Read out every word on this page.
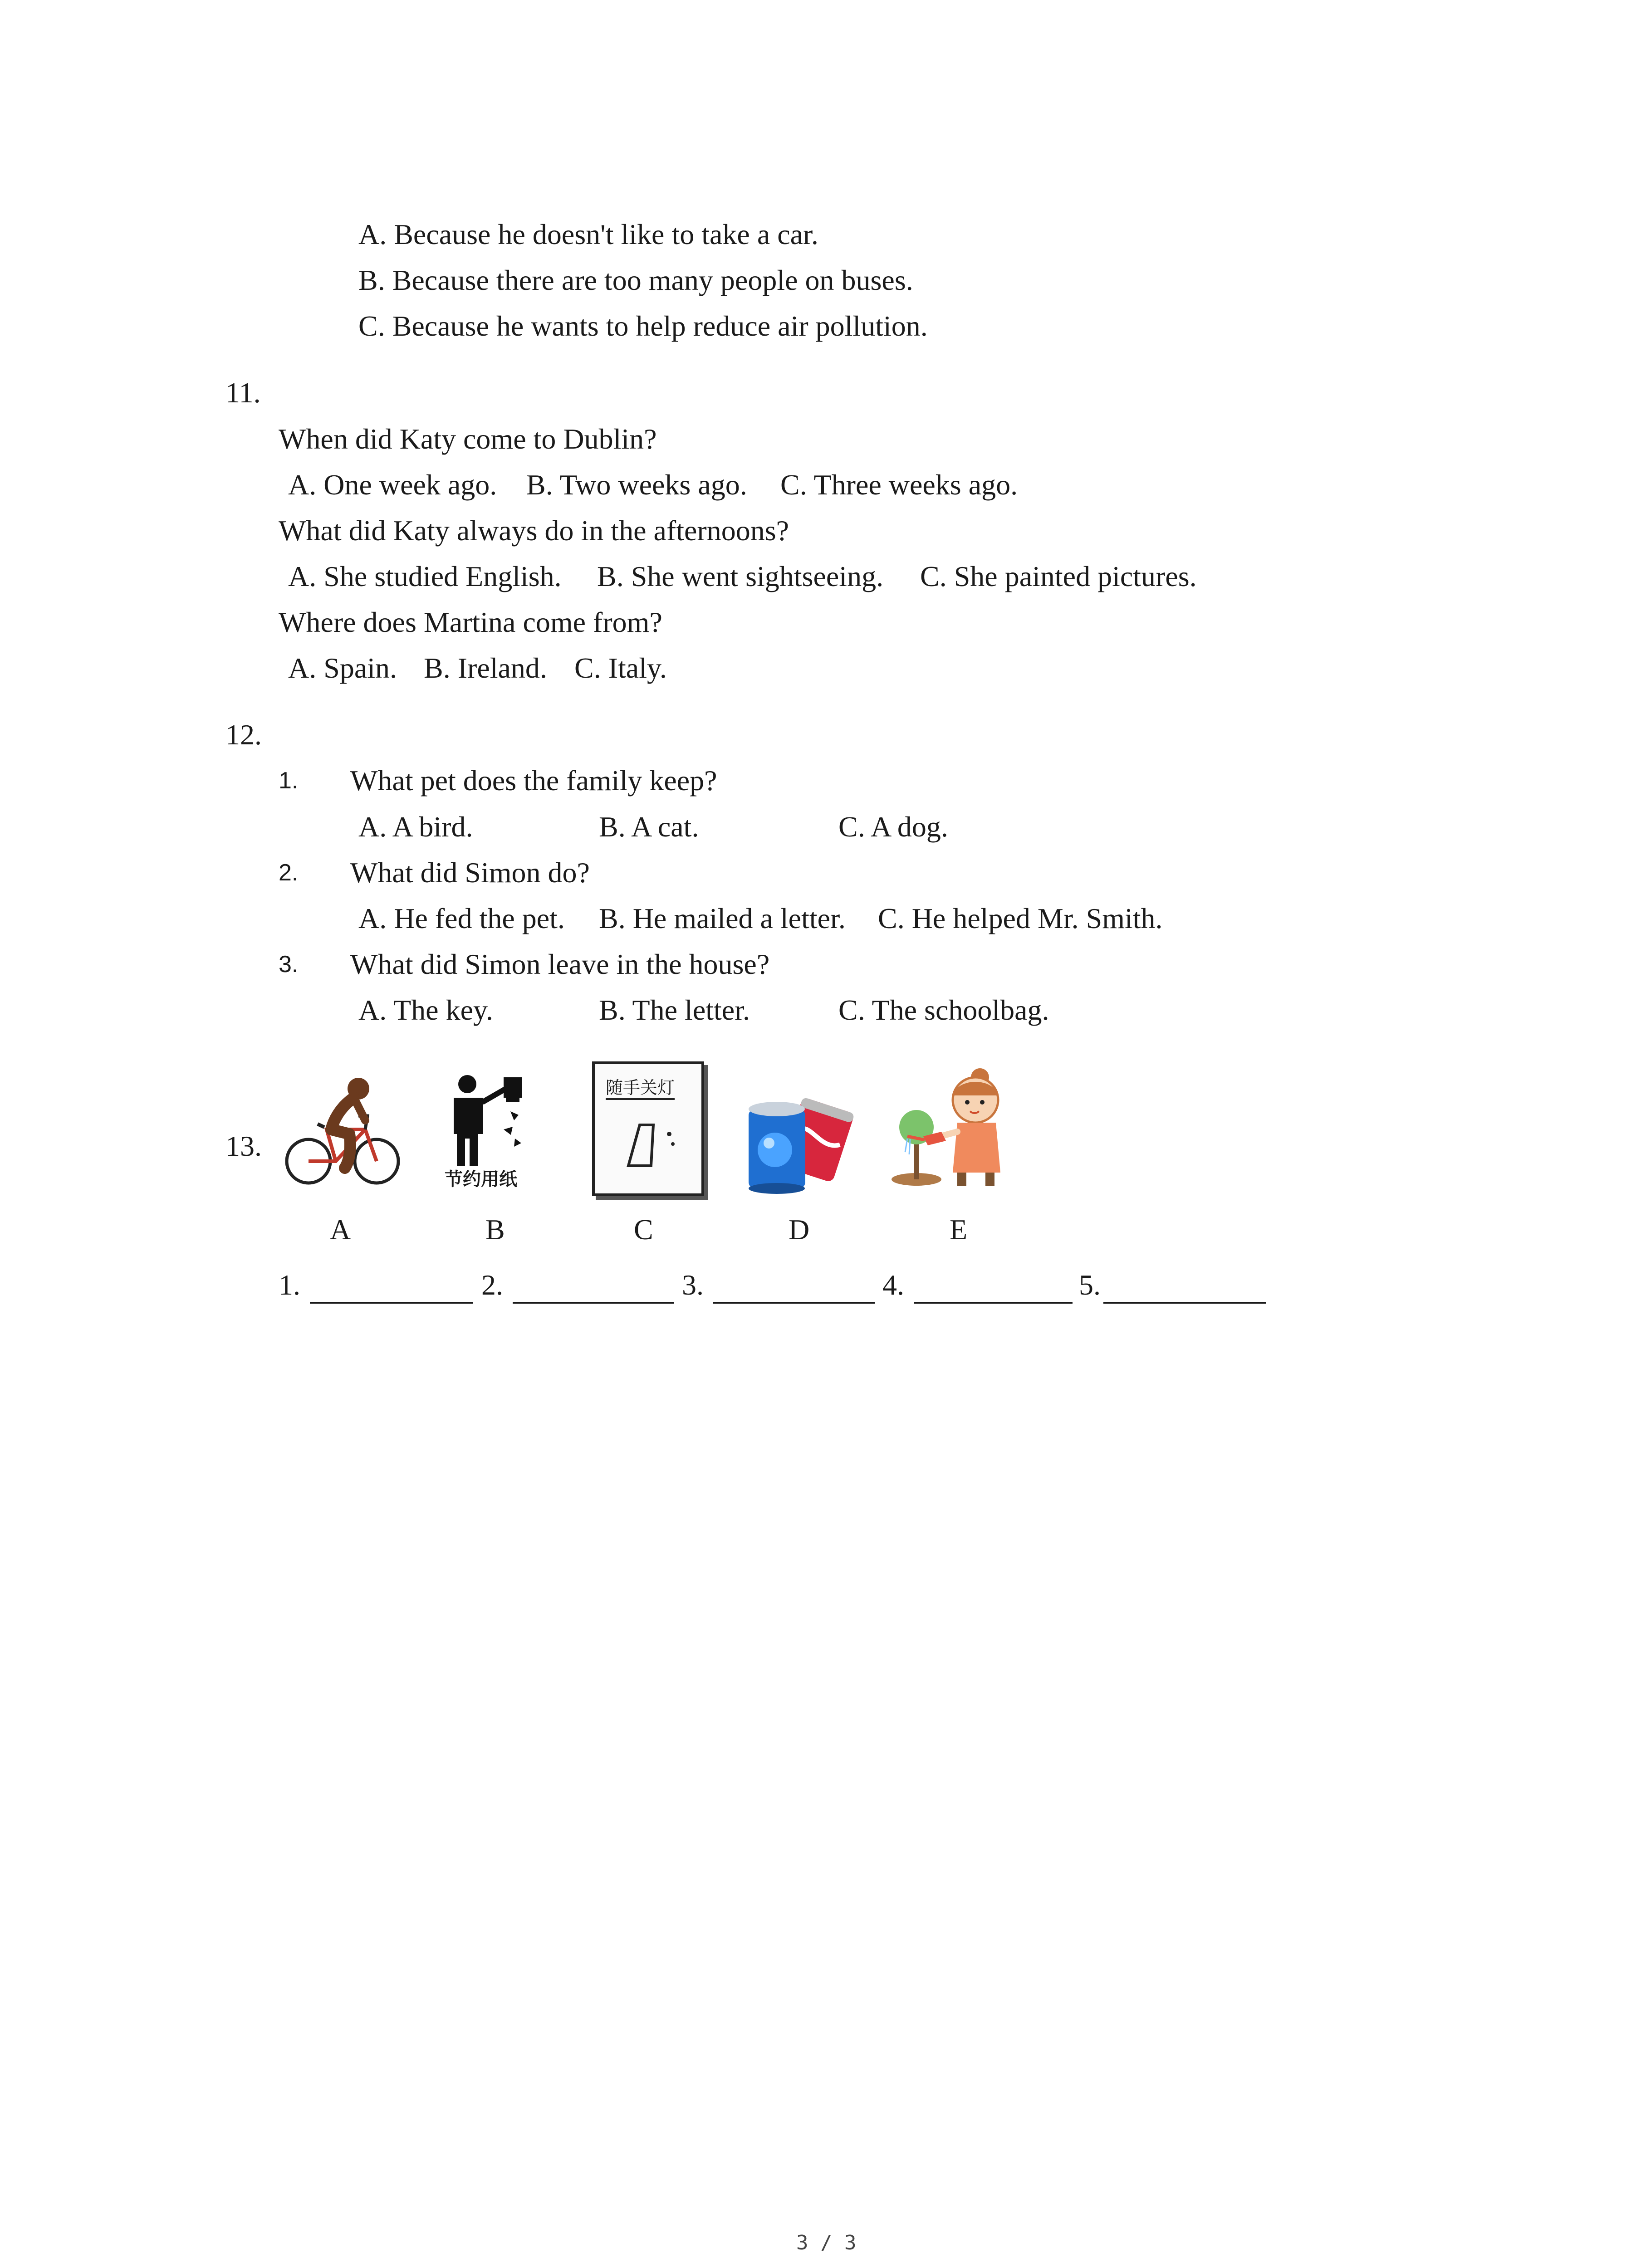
A. Because he doesn't like to take a car.
B. Because there are too many people on buses.
C. Because he wants to help reduce air pollution.
11.
When did Katy come to Dublin?
A. One week ago. B. Two weeks ago. C. Three weeks ago.
What did Katy always do in the afternoons?
A. She studied English. B. She went sightseeing. C. She painted pictures.
Where does Martina come from?
A. Spain. B. Ireland. C. Italy.
12.
1. What pet does the family keep?
A. A bird.	B. A cat.	C. A dog.
2. What did Simon do?
A. He fed the pet. B. He mailed a letter. C. He helped Mr. Smith.
3. What did Simon leave in the house?
A. The key.	B. The letter.	C. The schoolbag.
13.
节约用纸
随手关灯
A	B	C	D	E
1.	2.	3.	4.	5.
3 / 3
